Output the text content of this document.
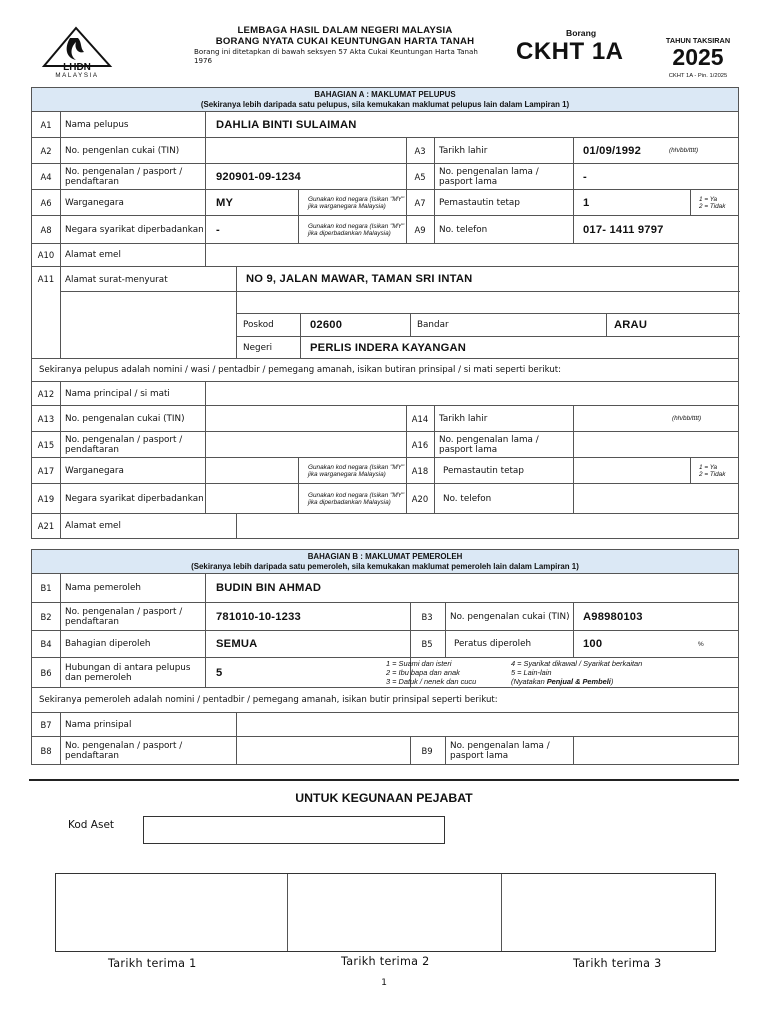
LHDN
MALAYSIA
LEMBAGA HASIL DALAM NEGERI MALAYSIA
BORANG NYATA CUKAI KEUNTUNGAN HARTA TANAH
Borang ini ditetapkan di bawah seksyen 57 Akta Cukai Keuntungan Harta Tanah 1976
Borang
CKHT 1A	TAHUN TAKSIRAN
2025
CKHT 1A - Pin. 1/2025
BAHAGIAN A : MAKLUMAT PELUPUS
(Sekiranya lebih daripada satu pelupus, sila kemukakan maklumat pelupus lain dalam Lampiran 1)
A1	Nama pelupus	DAHLIA BINTI SULAIMAN
A2	No. pengenlan cukai (TIN)	A3	Tarikh lahir	01/09/1992	(hh/bb/tttt)
A4	No. pengenalan / pasport / pendaftaran	920901-09-1234	A5	No. pengenalan lama / pasport lama	-
A6	Warganegara	MY	Gunakan kod negara (Isikan "MY" jika warganegara Malaysia)	A7	Pemastautin tetap	1	1 = Ya
2 = Tidak
A8	Negara syarikat diperbadankan -	Gunakan kod negara (Isikan "MY" jika diperbadankan Malaysia)	A9	No. telefon	017- 1411 9797
A10	Alamat emel
A11	Alamat surat-menyurat	NO 9, JALAN MAWAR, TAMAN SRI INTAN
Poskod	02600	Bandar	ARAU
Negeri	PERLIS INDERA KAYANGAN
Sekiranya pelupus adalah nomini / wasi / pentadbir / pemegang amanah, isikan butiran prinsipal / si mati seperti berikut:
A12	Nama principal / si mati
A13	No. pengenalan cukai (TIN)	A14	Tarikh lahir	(hh/bb/tttt)
A15	No. pengenalan / pasport / pendaftaran	A16	No. pengenalan lama / pasport lama
A17	Warganegara	Gunakan kod negara (Isikan "MY" jika warganegara Malaysia)	A18	Pemastautin tetap	1 = Ya
2 = Tidak
A19	Negara syarikat diperbadankan	Gunakan kod negara (Isikan "MY" jika diperbadankan Malaysia)	A20	No. telefon
A21	Alamat emel
BAHAGIAN B : MAKLUMAT PEMEROLEH
(Sekiranya lebih daripada satu pemeroleh, sila kemukakan maklumat pemeroleh lain dalam Lampiran 1)
B1	Nama pemeroleh	BUDIN BIN AHMAD
B2	No. pengenalan / pasport / pendaftaran	781010-10-1233	B3	No. pengenalan cukai (TIN)	A98980103
B4	Bahagian diperoleh	SEMUA	B5	Peratus diperoleh	100	%
B6	Hubungan di antara pelupus dan pemeroleh	5
1 = Suami dan isteri
2 = Ibu bapa dan anak
3 = Datuk / nenek dan cucu
4 = Syarikat dikawal / Syarikat berkaitan
5 = Lain-lain
(Nyatakan Penjual & Pembeli)
Sekiranya pemeroleh adalah nomini / pentadbir / pemegang amanah, isikan butir prinsipal seperti berikut:
B7	Nama prinsipal
B8	No. pengenalan / pasport / pendaftaran	B9	No. pengenalan lama / pasport lama
UNTUK KEGUNAAN PEJABAT
Kod Aset
Tarikh terima 1	Tarikh terima 2	Tarikh terima 3
1
